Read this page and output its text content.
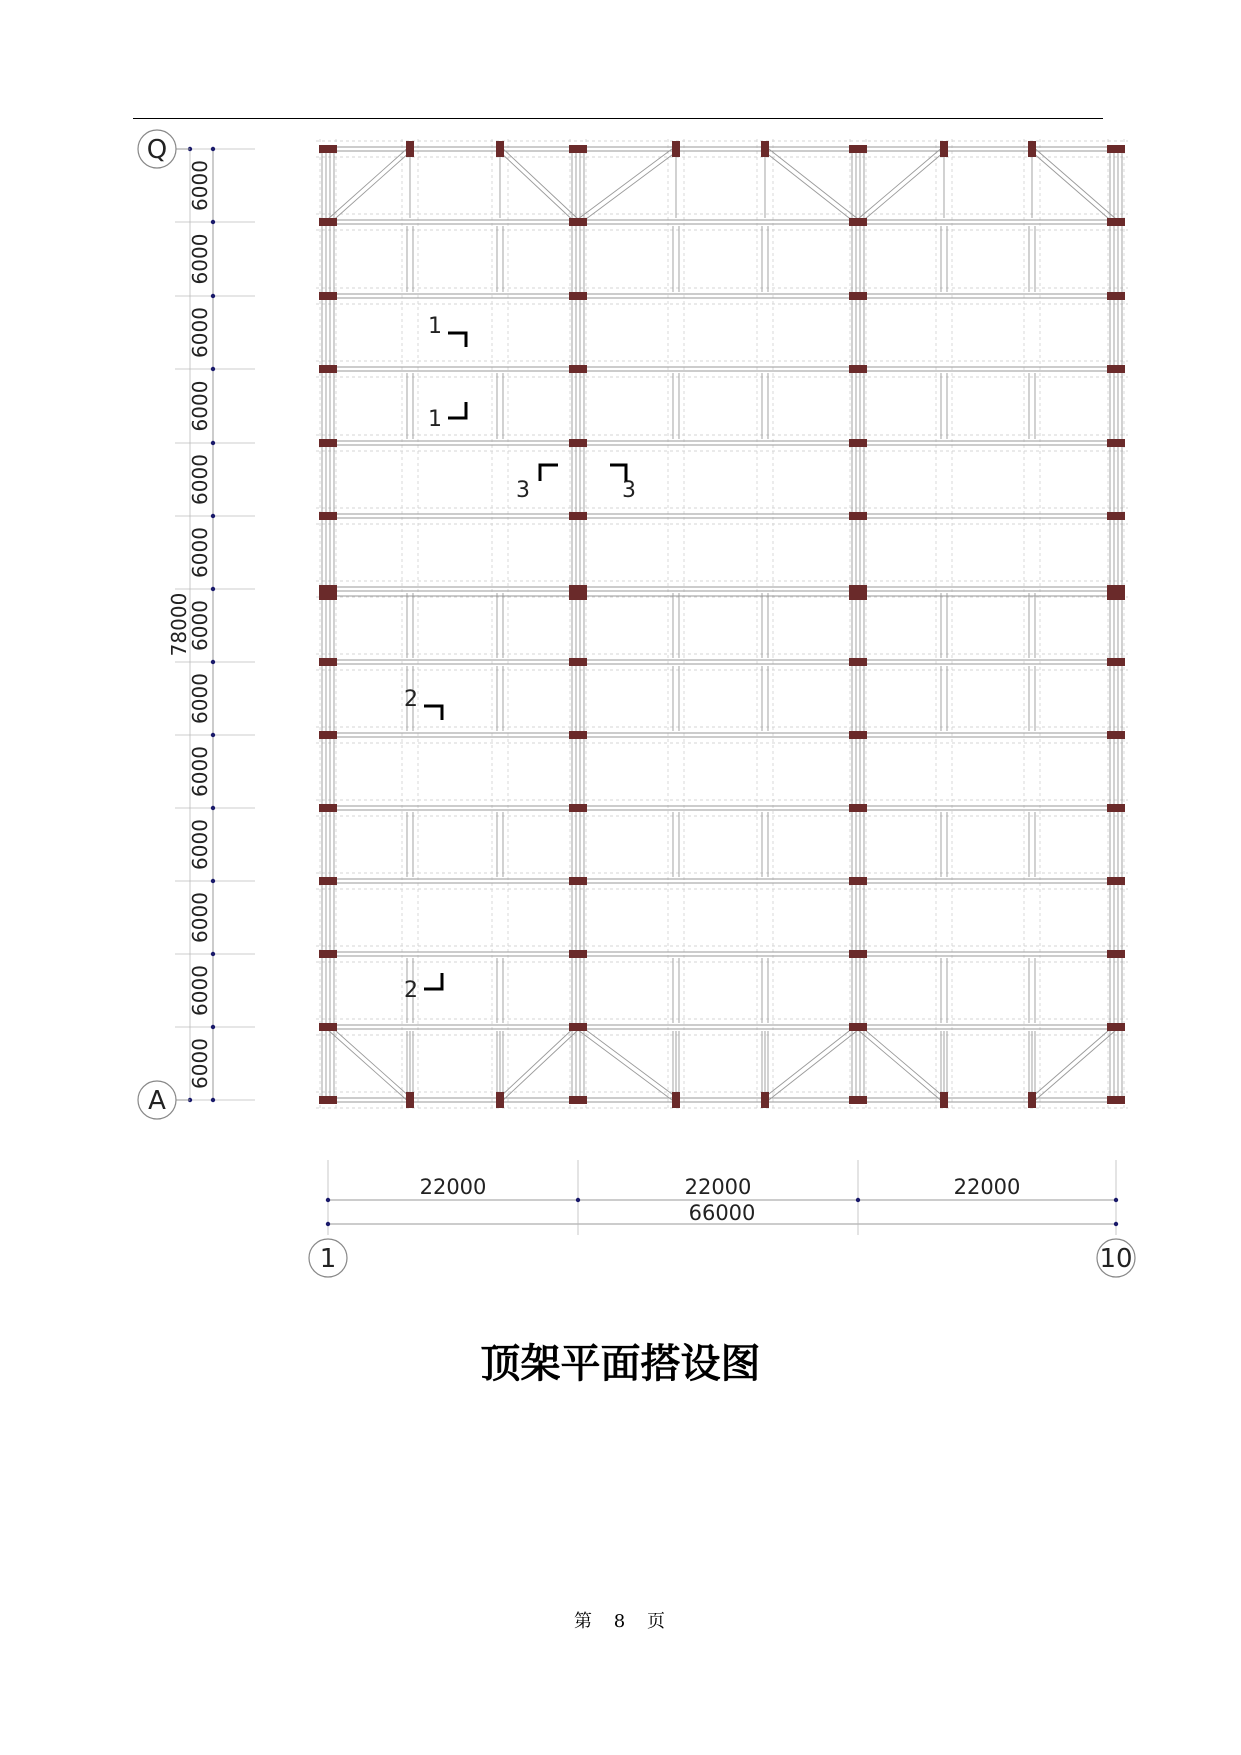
6000
6000
6000
6000
6000
6000
6000
6000
6000
6000
6000
6000
6000
78000
22000	22000	22000
66000
Q
A
1	10
1
1
3	3
2
2
顶架平面搭设图
第 8 页
